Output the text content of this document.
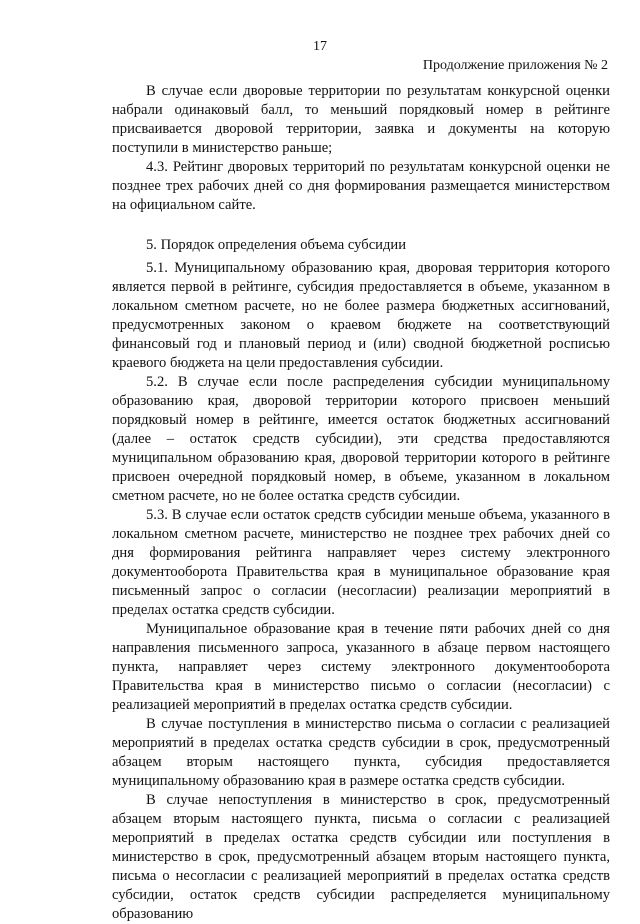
17
Продолжение приложения № 2

В случае если дворовые территории по результатам конкурсной оценки набрали одинаковый балл, то меньший порядковый номер в рейтинге присваивается дворовой территории, заявка и документы на которую поступили в министерство раньше;

4.3. Рейтинг дворовых территорий по результатам конкурсной оценки не позднее трех рабочих дней со дня формирования размещается министерством на официальном сайте.

5. Порядок определения объема субсидии

5.1. Муниципальному образованию края, дворовая территория которого является первой в рейтинге, субсидия предоставляется в объеме, указанном в локальном сметном расчете, но не более размера бюджетных ассигнований, предусмотренных законом о краевом бюджете на соответствующий финансовый год и плановый период и (или) сводной бюджетной росписью краевого бюджета на цели предоставления субсидии.

5.2. В случае если после распределения субсидии муниципальному образованию края, дворовой территории которого присвоен меньший порядковый номер в рейтинге, имеется остаток бюджетных ассигнований (далее – остаток средств субсидии), эти средства предоставляются муниципальном образованию края, дворовой территории которого в рейтинге присвоен очередной порядковый номер, в объеме, указанном в локальном сметном расчете, но не более остатка средств субсидии.

5.3. В случае если остаток средств субсидии меньше объема, указанного в локальном сметном расчете, министерство не позднее трех рабочих дней со дня формирования рейтинга направляет через систему электронного документооборота Правительства края в муниципальное образование края письменный запрос о согласии (несогласии) реализации мероприятий в пределах остатка средств субсидии.

Муниципальное образование края в течение пяти рабочих дней со дня направления письменного запроса, указанного в абзаце первом настоящего пункта, направляет через систему электронного документооборота Правительства края в министерство письмо о согласии (несогласии) с реализацией мероприятий в пределах остатка средств субсидии.

В случае поступления в министерство письма о согласии с реализацией мероприятий в пределах остатка средств субсидии в срок, предусмотренный абзацем вторым настоящего пункта, субсидия предоставляется муниципальному образованию края в размере остатка средств субсидии.

В случае непоступления в министерство в срок, предусмотренный абзацем вторым настоящего пункта, письма о согласии с реализацией мероприятий в пределах остатка средств субсидии или поступления в министерство в срок, предусмотренный абзацем вторым настоящего пункта, письма о несогласии с реализацией мероприятий в пределах остатка средств субсидии, остаток средств субсидии распределяется муниципальному образованию
